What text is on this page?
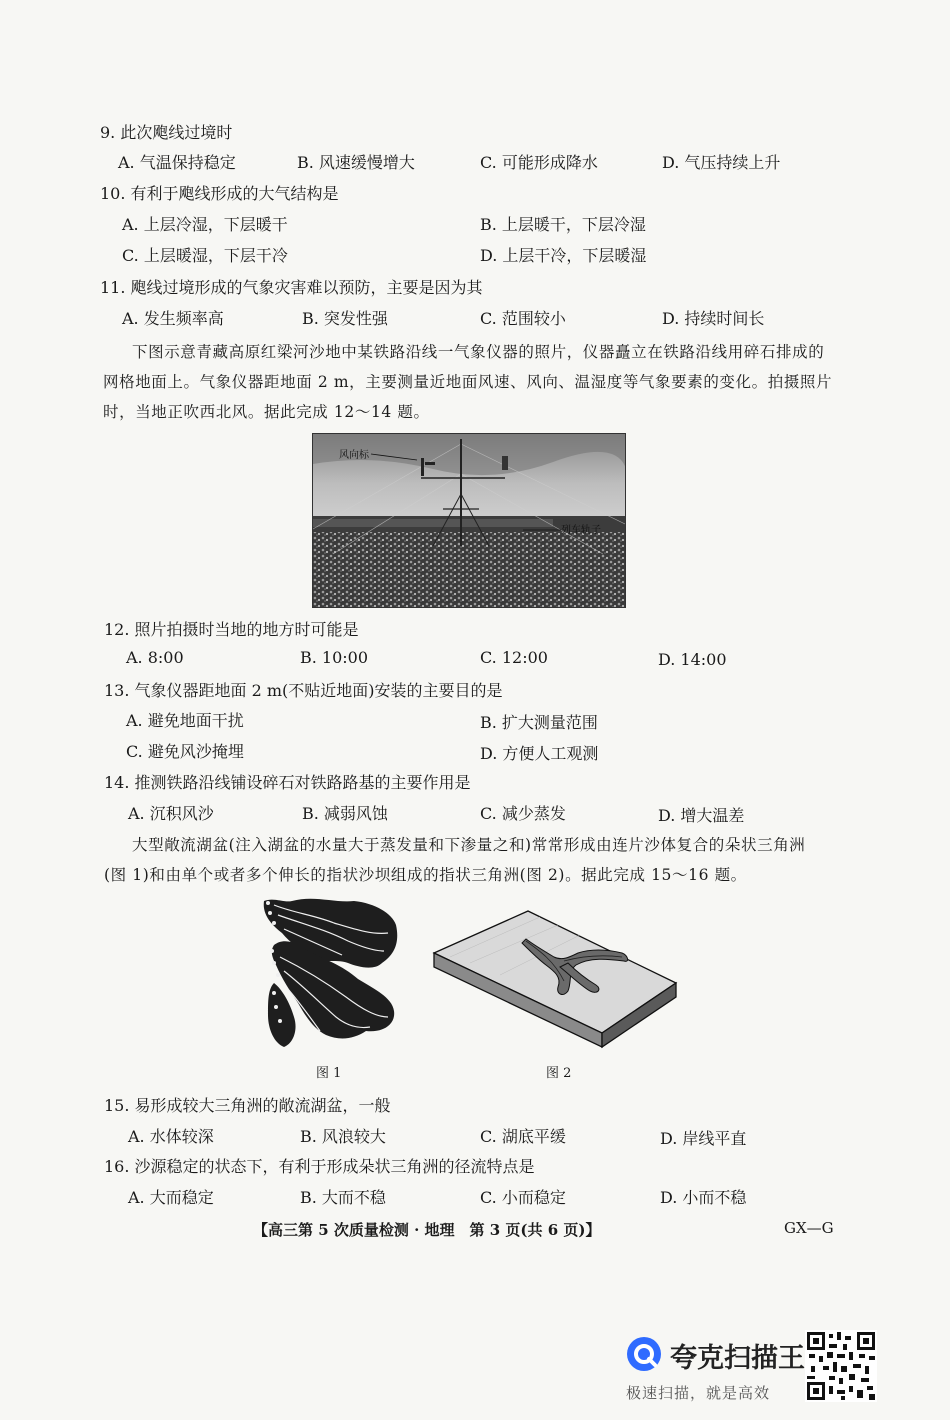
9. 此次飑线过境时
A. 气温保持稳定	B. 风速缓慢增大	C. 可能形成降水	D. 气压持续上升
10. 有利于飑线形成的大气结构是
A. 上层冷湿，下层暖干	B. 上层暖干，下层冷湿
C. 上层暖湿，下层干冷	D. 上层干冷，下层暖湿
11. 飑线过境形成的气象灾害难以预防，主要是因为其
A. 发生频率高	B. 突发性强	C. 范围较小	D. 持续时间长
下图示意青藏高原红梁河沙地中某铁路沿线一气象仪器的照片，仪器矗立在铁路沿线用碎石排成的
网格地面上。气象仪器距地面 2 m，主要测量近地面风速、风向、温湿度等气象要素的变化。拍摄照片
时，当地正吹西北风。据此完成 12～14 题。
风向标
列车轨子
12. 照片拍摄时当地的地方时可能是
A. 8:00	B. 10:00	C. 12:00	D. 14:00
13. 气象仪器距地面 2 m(不贴近地面)安装的主要目的是
A. 避免地面干扰	B. 扩大测量范围
C. 避免风沙掩埋	D. 方便人工观测
14. 推测铁路沿线铺设碎石对铁路路基的主要作用是
A. 沉积风沙	B. 减弱风蚀	C. 减少蒸发	D. 增大温差
大型敞流湖盆(注入湖盆的水量大于蒸发量和下渗量之和)常常形成由连片沙体复合的朵状三角洲
(图 1)和由单个或者多个伸长的指状沙坝组成的指状三角洲(图 2)。据此完成 15～16 题。
图 1	图 2
15. 易形成较大三角洲的敞流湖盆，一般
A. 水体较深	B. 风浪较大	C. 湖底平缓	D. 岸线平直
16. 沙源稳定的状态下，有利于形成朵状三角洲的径流特点是
A. 大而稳定	B. 大而不稳	C. 小而稳定	D. 小而不稳
【高三第 5 次质量检测 · 地理　第 3 页(共 6 页)】	GX—G
夸克扫描王
极速扫描，就是高效
